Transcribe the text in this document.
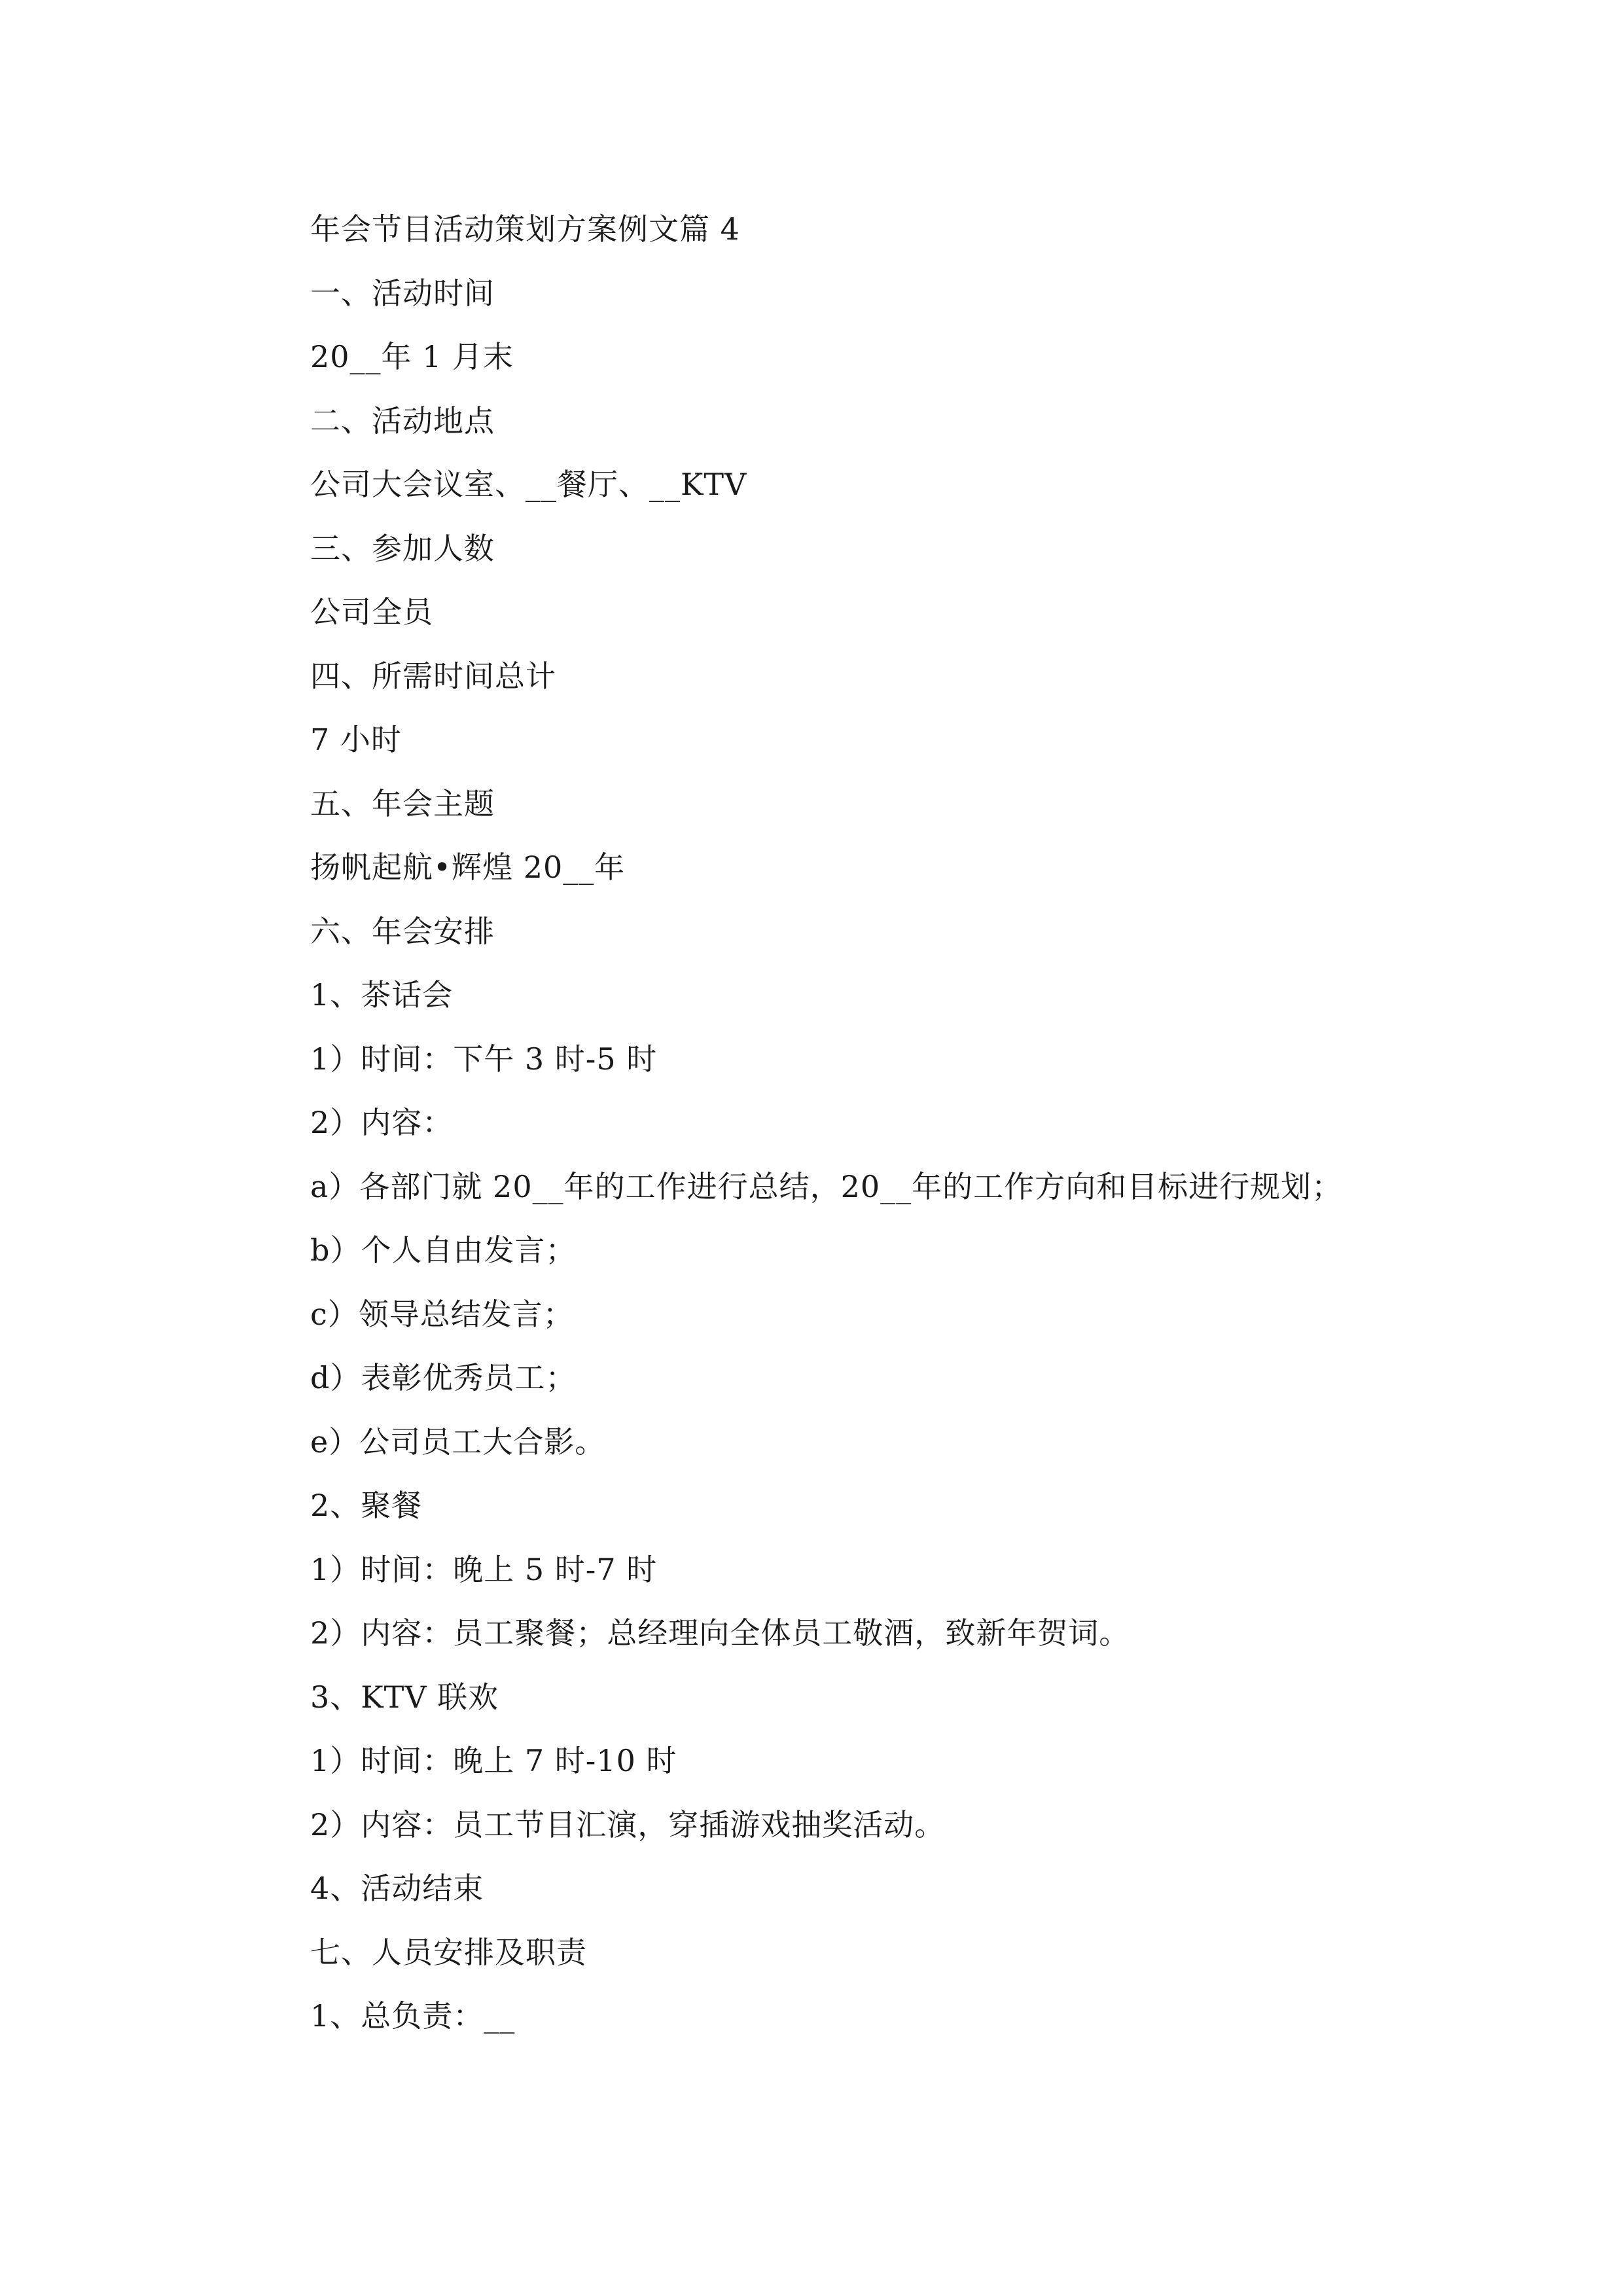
年会节目活动策划方案例文篇 4
一、活动时间
20__年 1 月末
二、活动地点
公司大会议室、__餐厅、__KTV
三、参加人数
公司全员
四、所需时间总计
7 小时
五、年会主题
扬帆起航•辉煌 20__年
六、年会安排
1、茶话会
1）时间：下午 3 时-5 时
2）内容：
a）各部门就 20__年的工作进行总结，20__年的工作方向和目标进行规划；
b）个人自由发言；
c）领导总结发言；
d）表彰优秀员工；
e）公司员工大合影。
2、聚餐
1）时间：晚上 5 时-7 时
2）内容：员工聚餐；总经理向全体员工敬酒，致新年贺词。
3、KTV 联欢
1）时间：晚上 7 时-10 时
2）内容：员工节目汇演，穿插游戏抽奖活动。
4、活动结束
七、人员安排及职责
1、总负责：__
